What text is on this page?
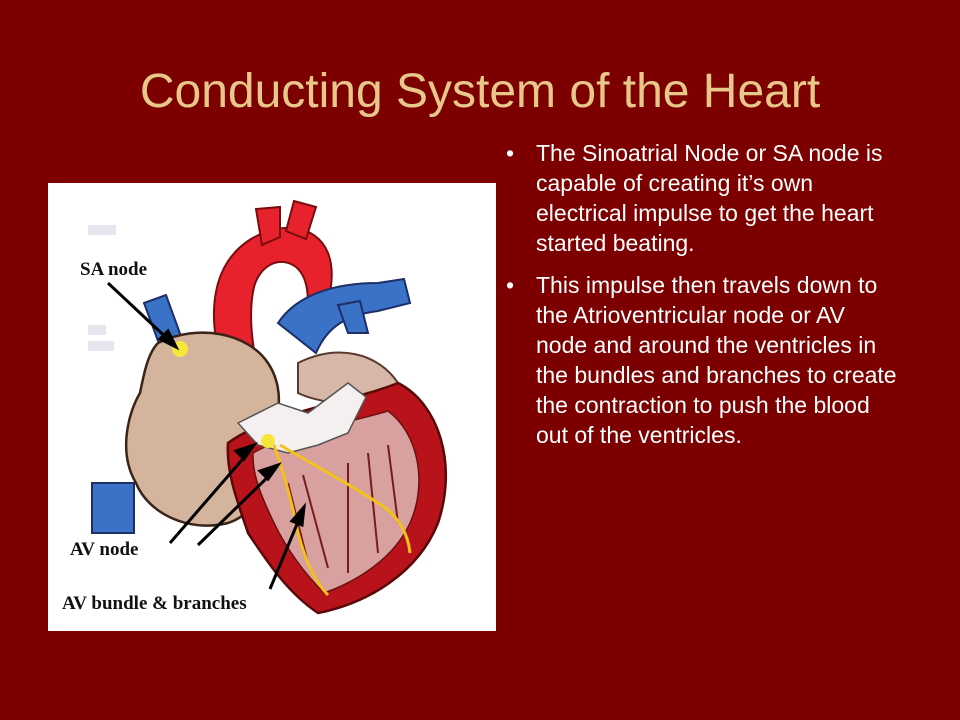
Conducting System of the Heart
SA node
AV node
AV bundle & branches
• The Sinoatrial Node or SA node is capable of creating it’s own electrical impulse to get the heart started beating.
• This impulse then travels down to the Atrioventricular node or AV node and around the ventricles in the bundles and branches to create the contraction to push the blood out of the ventricles.
